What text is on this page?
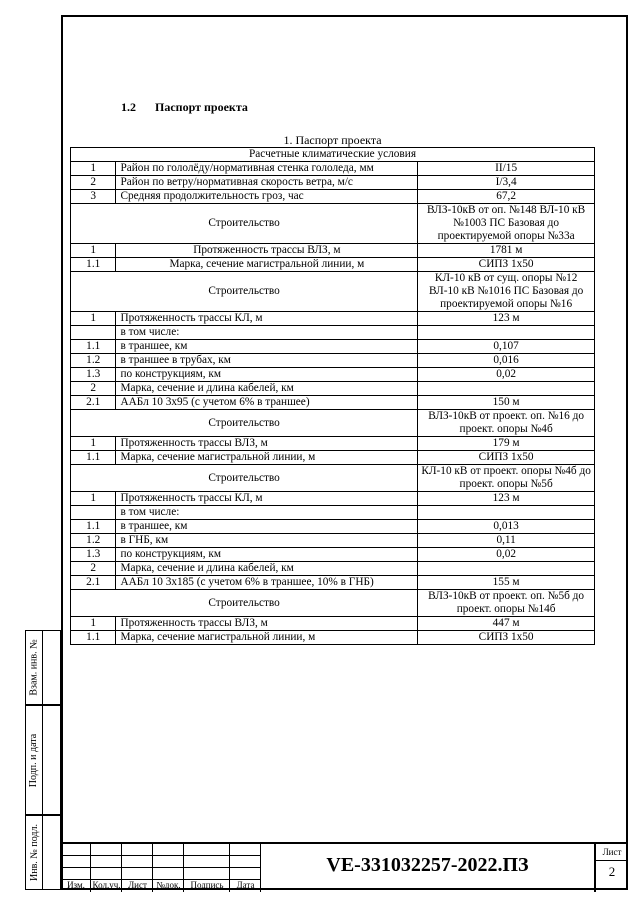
1.2 Паспорт проекта
1. Паспорт проекта
Расчетные климатические условия		
1	Район по гололёду/нормативная стенка гололеда, мм	II/15
2	Район по ветру/нормативная скорость ветра, м/с	I/3,4
3	Средняя продолжительность гроз, час	67,2
Строительство		ВЛЗ-10кВ от оп. №148 ВЛ-10 кВ №1003 ПС Базовая до проектируемой опоры №33а
1	Протяженность трассы ВЛЗ, м	1781 м
1.1	Марка, сечение магистральной линии, м	СИПЗ 1х50
Строительство		КЛ-10 кВ от сущ. опоры №12 ВЛ-10 кВ №1016 ПС Базовая до проектируемой опоры №16
1	Протяженность трассы КЛ, м	123 м
	в том числе:	
1.1	в траншее, км	0,107
1.2	в траншее в трубах, км	0,016
1.3	по конструкциям, км	0,02
2	Марка, сечение и длина кабелей, км	
2.1	ААБл 10 3х95 (с учетом 6% в траншее)	150 м
Строительство		ВЛЗ-10кВ от проект. оп. №16 до проект. опоры №4б
1	Протяженность трассы ВЛЗ, м	179 м
1.1	Марка, сечение магистральной линии, м	СИПЗ 1х50
Строительство		КЛ-10 кВ от проект. опоры №4б до проект. опоры №5б
1	Протяженность трассы КЛ, м	123 м
	в том числе:	
1.1	в траншее, км	0,013
1.2	в ГНБ, км	0,11
1.3	по конструкциям, км	0,02
2	Марка, сечение и длина кабелей, км	
2.1	ААБл 10 3х185 (с учетом 6% в траншее, 10% в ГНБ)	155 м
Строительство		ВЛЗ-10кВ от проект. оп. №5б до проект. опоры №14б
1	Протяженность трассы ВЛЗ, м	447 м
1.1	Марка, сечение магистральной линии, м	СИПЗ 1х50
Взам. инв. №
Подп. и дата
Инв. № подл.
Изм. Кол.уч. Лист	№док.	Подпись	Дата
VE-331032257-2022.ПЗ
Лист
2
